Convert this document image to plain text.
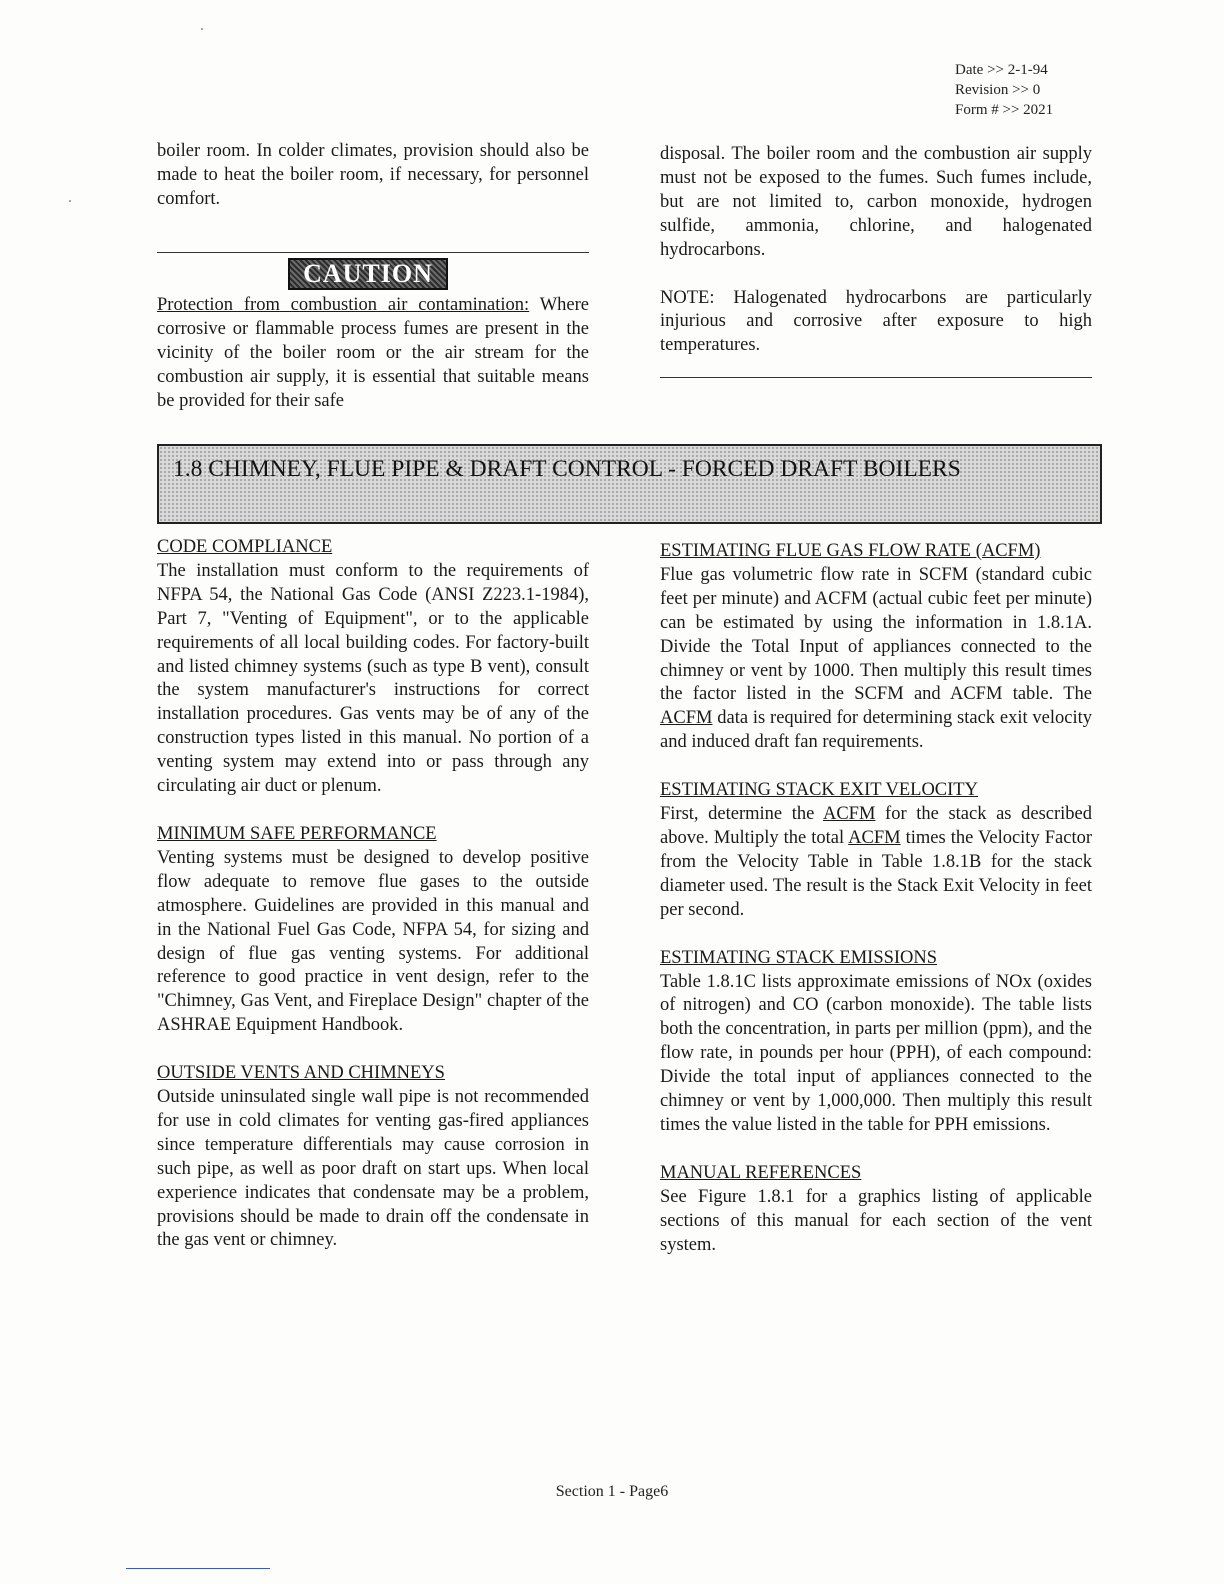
Date >> 2-1-94
Revision >> 0
Form # >> 2021

boiler room. In colder climates, provision should also be made to heat the boiler room, if necessary, for personnel comfort.

CAUTION

Protection from combustion air contamination: Where corrosive or flammable process fumes are present in the vicinity of the boiler room or the air stream for the combustion air supply, it is essential that suitable means be provided for their safe

disposal. The boiler room and the combustion air supply must not be exposed to the fumes. Such fumes include, but are not limited to, carbon monoxide, hydrogen sulfide, ammonia, chlorine, and halogenated hydrocarbons.

NOTE: Halogenated hydrocarbons are particularly injurious and corrosive after exposure to high temperatures.

1.8 CHIMNEY, FLUE PIPE & DRAFT CONTROL - FORCED DRAFT BOILERS

CODE COMPLIANCE

The installation must conform to the requirements of NFPA 54, the National Gas Code (ANSI Z223.1-1984), Part 7, "Venting of Equipment", or to the applicable requirements of all local building codes. For factory-built and listed chimney systems (such as type B vent), consult the system manufacturer's instructions for correct installation procedures. Gas vents may be of any of the construction types listed in this manual. No portion of a venting system may extend into or pass through any circulating air duct or plenum.

MINIMUM SAFE PERFORMANCE

Venting systems must be designed to develop positive flow adequate to remove flue gases to the outside atmosphere. Guidelines are provided in this manual and in the National Fuel Gas Code, NFPA 54, for sizing and design of flue gas venting systems. For additional reference to good practice in vent design, refer to the "Chimney, Gas Vent, and Fireplace Design" chapter of the ASHRAE Equipment Handbook.

OUTSIDE VENTS AND CHIMNEYS

Outside uninsulated single wall pipe is not recommended for use in cold climates for venting gas-fired appliances since temperature differentials may cause corrosion in such pipe, as well as poor draft on start ups. When local experience indicates that condensate may be a problem, provisions should be made to drain off the condensate in the gas vent or chimney.

ESTIMATING FLUE GAS FLOW RATE (ACFM)

Flue gas volumetric flow rate in SCFM (standard cubic feet per minute) and ACFM (actual cubic feet per minute) can be estimated by using the information in 1.8.1A. Divide the Total Input of appliances connected to the chimney or vent by 1000. Then multiply this result times the factor listed in the SCFM and ACFM table. The ACFM data is required for determining stack exit velocity and induced draft fan requirements.

ESTIMATING STACK EXIT VELOCITY

First, determine the ACFM for the stack as described above. Multiply the total ACFM times the Velocity Factor from the Velocity Table in Table 1.8.1B for the stack diameter used. The result is the Stack Exit Velocity in feet per second.

ESTIMATING STACK EMISSIONS

Table 1.8.1C lists approximate emissions of NOx (oxides of nitrogen) and CO (carbon monoxide). The table lists both the concentration, in parts per million (ppm), and the flow rate, in pounds per hour (PPH), of each compound: Divide the total input of appliances connected to the chimney or vent by 1,000,000. Then multiply this result times the value listed in the table for PPH emissions.

MANUAL REFERENCES

See Figure 1.8.1 for a graphics listing of applicable sections of this manual for each section of the vent system.

Section 1 - Page6
